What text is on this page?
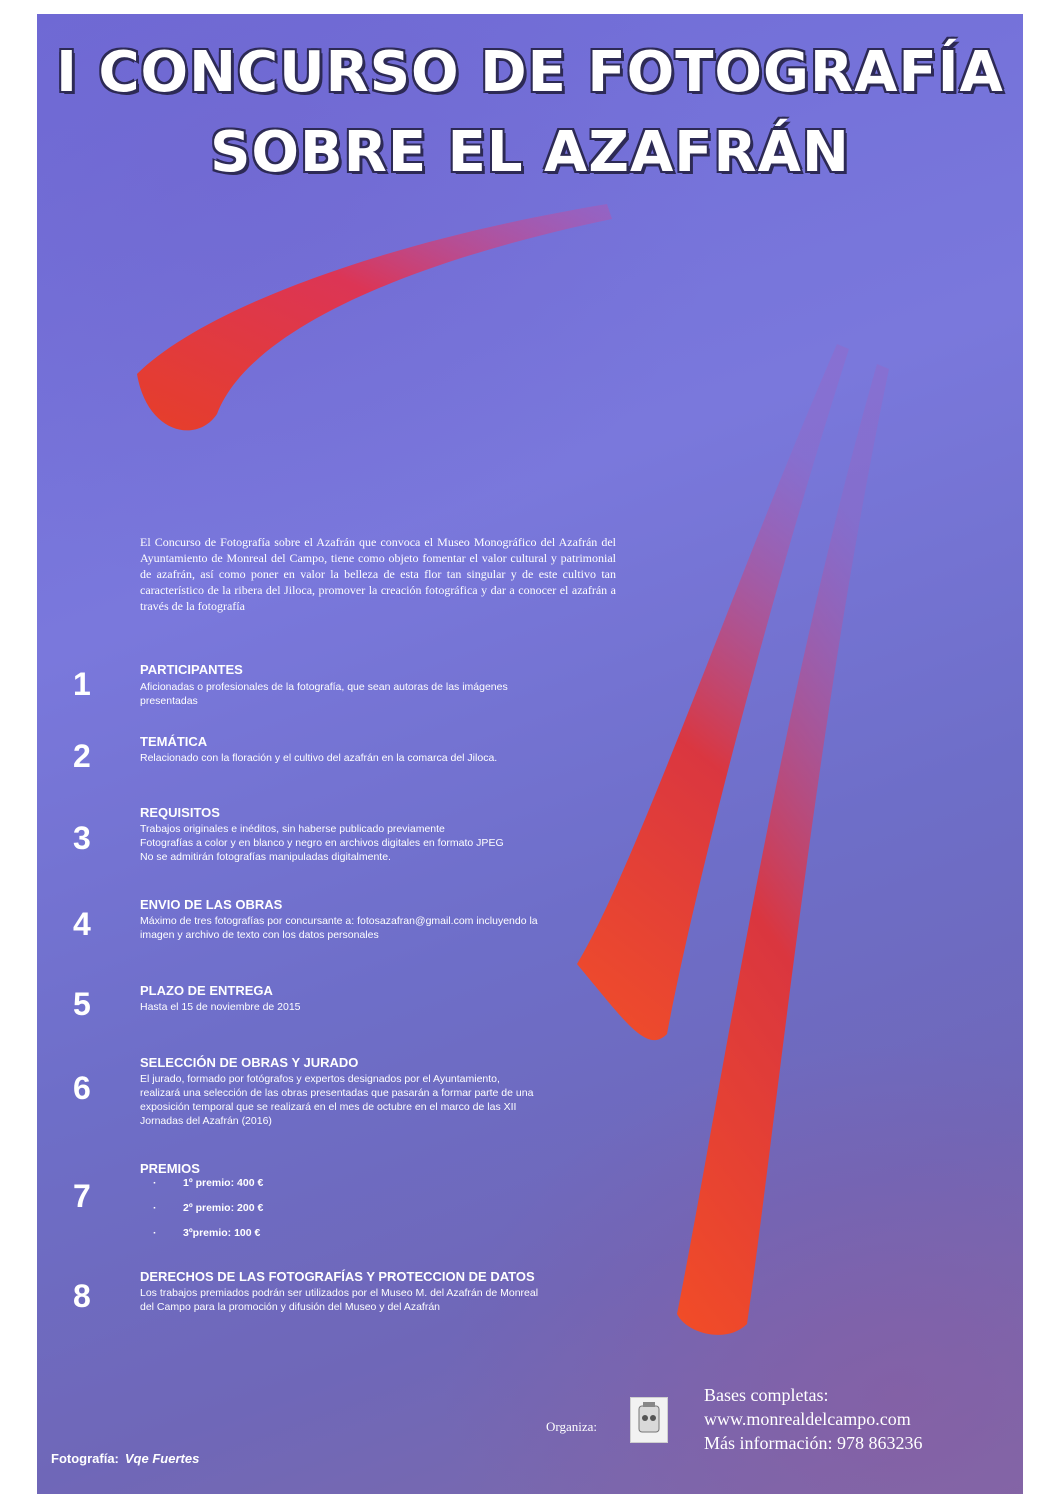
I CONCURSO DE FOTOGRAFÍA
SOBRE EL AZAFRÁN
El Concurso de Fotografía sobre el Azafrán que convoca el Museo Monográfico del Azafrán del Ayuntamiento de Monreal del Campo, tiene como objeto fomentar el valor cultural y patrimonial de azafrán, así como poner en valor la belleza de esta flor tan singular y de este cultivo tan característico de la ribera del Jiloca, promover la creación fotográfica y dar a conocer el azafrán a través de la fotografía
1	PARTICIPANTES
Aficionadas o profesionales de la fotografía, que sean autoras de las imágenes presentadas
2	TEMÁTICA
Relacionado con la floración y el cultivo del azafrán en la comarca del Jiloca.
3
REQUISITOS
Trabajos originales e inéditos, sin haberse publicado previamente
Fotografías a color y en blanco y negro en archivos digitales en formato JPEG
No se admitirán fotografías manipuladas digitalmente.
4
ENVIO DE LAS OBRAS
Máximo de tres fotografías por concursante a: fotosazafran@gmail.com incluyendo la imagen y archivo de texto con los datos personales
5	PLAZO DE ENTREGA
Hasta el 15 de noviembre de 2015
6
SELECCIÓN DE OBRAS Y JURADO
El jurado, formado por fotógrafos y expertos designados por el Ayuntamiento, realizará una selección de las obras presentadas que pasarán a formar parte de una exposición temporal que se realizará en el mes de octubre en el marco de las XII Jornadas del Azafrán (2016)
7
PREMIOS
·	1º premio: 400 €
·	2º premio: 200 €
·	3ºpremio: 100 €
8
DERECHOS DE LAS FOTOGRAFÍAS Y PROTECCION DE DATOS
Los trabajos premiados podrán ser utilizados por el Museo M. del Azafrán de Monreal del Campo para la promoción y difusión del Museo y del Azafrán
Organiza:
Bases completas:
www.monrealdelcampo.com
Más información: 978 863236
Fotografía: Vqe Fuertes
